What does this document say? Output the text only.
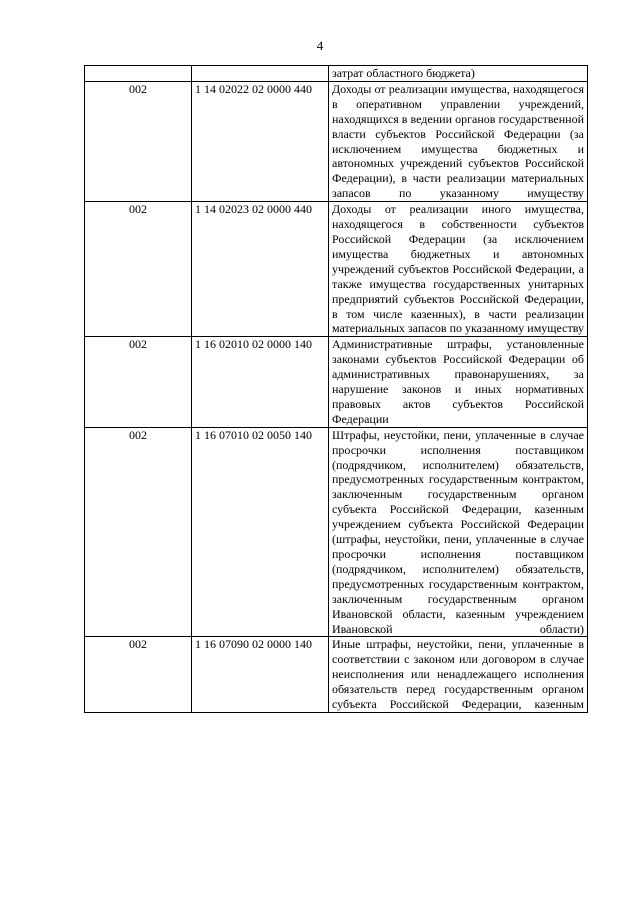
4
		затрат областного бюджета)
002	1 14 02022 02 0000 440	Доходы от реализации имущества, находящегося в оперативном управлении учреждений, находящихся в ведении органов государственной власти субъектов Российской Федерации (за исключением имущества бюджетных и автономных учреждений субъектов Российской Федерации), в части реализации материальных запасов по указанному имуществу
002	1 14 02023 02 0000 440	Доходы от реализации иного имущества, находящегося в собственности субъектов Российской Федерации (за исключением имущества бюджетных и автономных учреждений субъектов Российской Федерации, а также имущества государственных унитарных предприятий субъектов Российской Федерации, в том числе казенных), в части реализации материальных запасов по указанному имуществу
002	1 16 02010 02 0000 140	Административные штрафы, установленные законами субъектов Российской Федерации об административных правонарушениях, за нарушение законов и иных нормативных правовых актов субъектов Российской Федерации
002	1 16 07010 02 0050 140	Штрафы, неустойки, пени, уплаченные в случае просрочки исполнения поставщиком (подрядчиком, исполнителем) обязательств, предусмотренных государственным контрактом, заключенным государственным органом субъекта Российской Федерации, казенным учреждением субъекта Российской Федерации (штрафы, неустойки, пени, уплаченные в случае просрочки исполнения поставщиком (подрядчиком, исполнителем) обязательств, предусмотренных государственным контрактом, заключенным государственным органом Ивановской области, казенным учреждением Ивановской области)
002	1 16 07090 02 0000 140	Иные штрафы, неустойки, пени, уплаченные в соответствии с законом или договором в случае неисполнения или ненадлежащего исполнения обязательств перед государственным органом субъекта Российской Федерации, казенным
